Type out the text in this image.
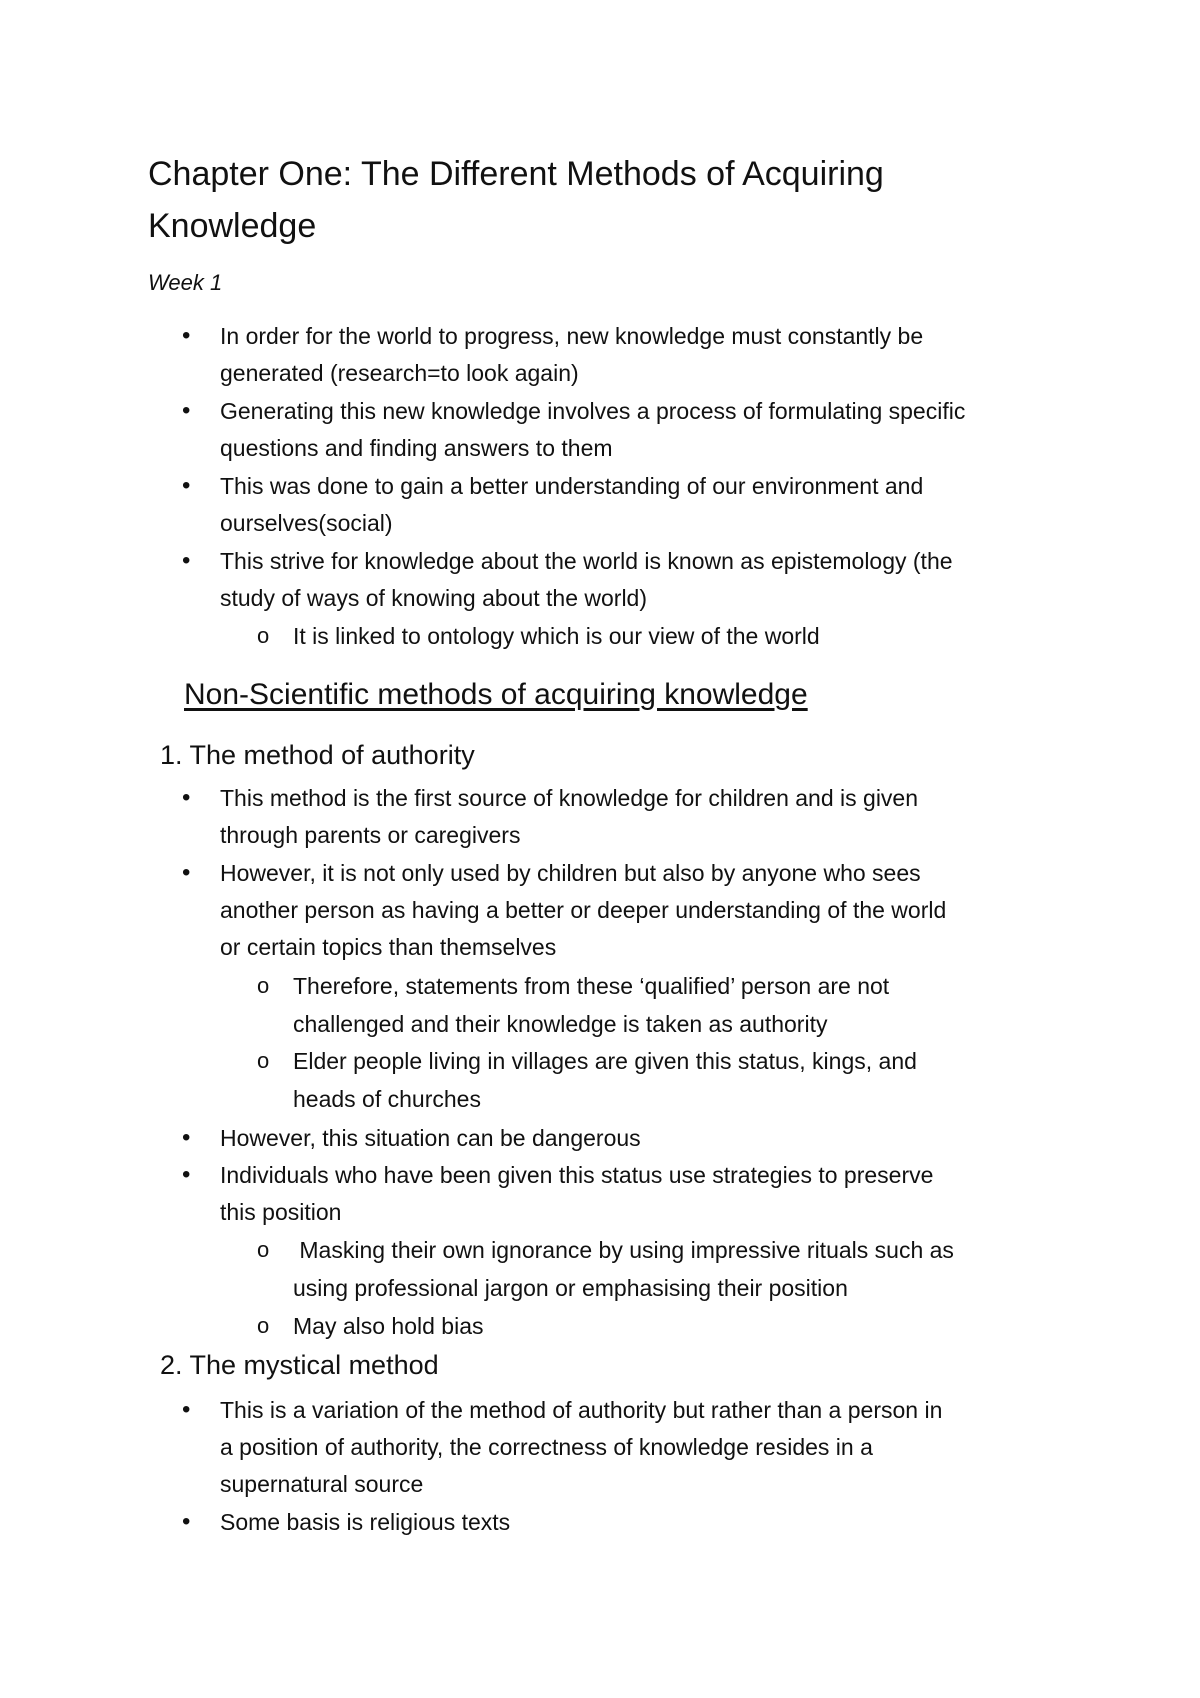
Chapter One: The Different Methods of Acquiring
Knowledge
Week 1
• In order for the world to progress, new knowledge must constantly be
generated (research=to look again)
• Generating this new knowledge involves a process of formulating specific
questions and finding answers to them
• This was done to gain a better understanding of our environment and
ourselves(social)
• This strive for knowledge about the world is known as epistemology (the
study of ways of knowing about the world)
o It is linked to ontology which is our view of the world
Non-Scientific methods of acquiring knowledge
1. The method of authority
• This method is the first source of knowledge for children and is given
through parents or caregivers
• However, it is not only used by children but also by anyone who sees
another person as having a better or deeper understanding of the world
or certain topics than themselves
o Therefore, statements from these ‘qualified’ person are not
challenged and their knowledge is taken as authority
o Elder people living in villages are given this status, kings, and
heads of churches
• However, this situation can be dangerous
• Individuals who have been given this status use strategies to preserve
this position
o Masking their own ignorance by using impressive rituals such as
using professional jargon or emphasising their position
o May also hold bias
2. The mystical method
• This is a variation of the method of authority but rather than a person in
a position of authority, the correctness of knowledge resides in a
supernatural source
• Some basis is religious texts
